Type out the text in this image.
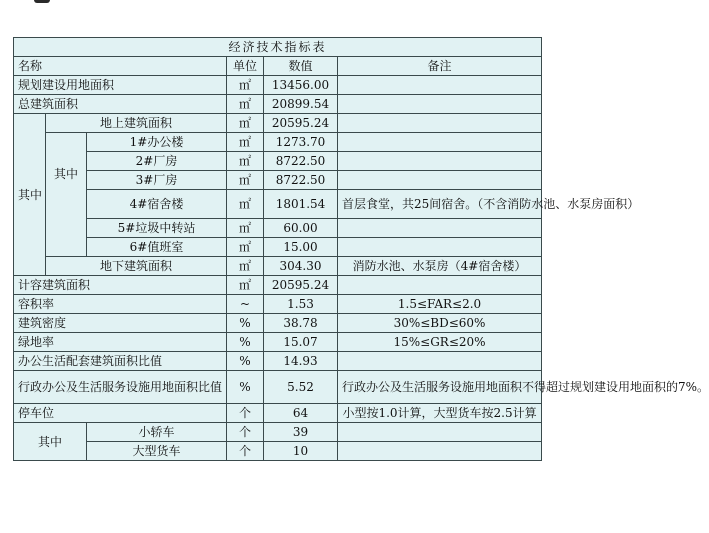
经济技术指标表					
名称			单位	数值	备注
规划建设用地面积			㎡	13456.00	
总建筑面积			㎡	20899.54	
其中	地上建筑面积		㎡	20595.24	
	其中	1#办公楼	㎡	1273.70	
		2#厂房	㎡	8722.50	
		3#厂房	㎡	8722.50	
		4#宿舍楼	㎡	1801.54	首层食堂，共25间宿舍。（不含消防水池、水泵房面积）
		5#垃圾中转站	㎡	60.00	
		6#值班室	㎡	15.00	
	地下建筑面积		㎡	304.30	消防水池、水泵房（4#宿舍楼）
计容建筑面积			㎡	20595.24	
容积率			~	1.53	1.5≤FAR≤2.0
建筑密度			%	38.78	30%≤BD≤60%
绿地率			%	15.07	15%≤GR≤20%
办公生活配套建筑面积比值			%	14.93	
行政办公及生活服务设施用地面积比值			%	5.52	行政办公及生活服务设施用地面积不得超过规划建设用地面积的7%。
停车位			个	64	小型按1.0计算，大型货车按2.5计算
其中		小轿车	个	39	
		大型货车	个	10	
